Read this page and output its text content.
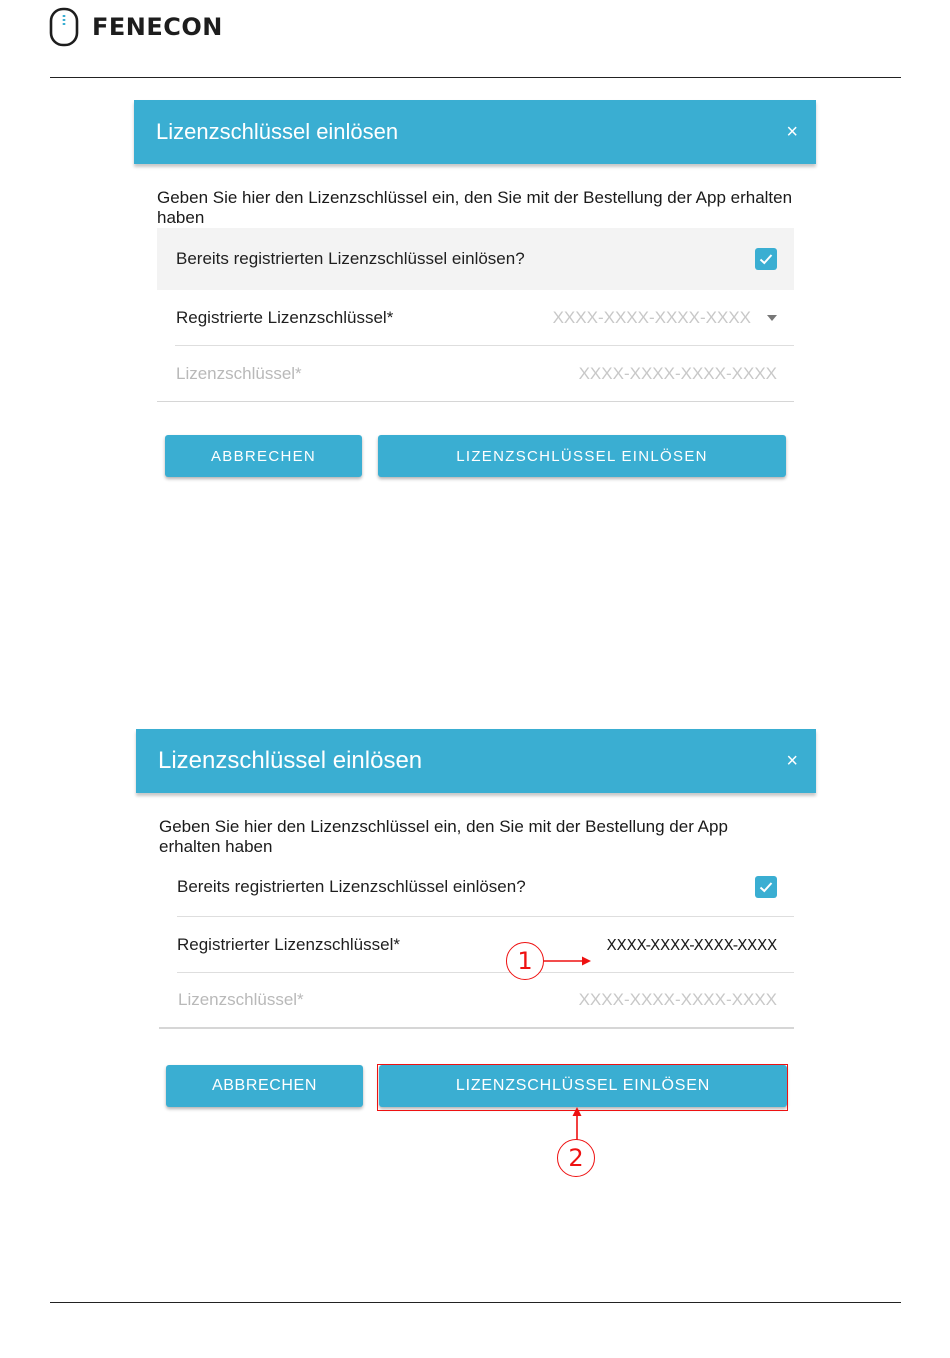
FENECON
Lizenzschlüssel einlösen	×

Geben Sie hier den Lizenzschlüssel ein, den Sie mit der Bestellung der App erhalten haben

Bereits registrierten Lizenzschlüssel einlösen?
Registrierte Lizenzschlüssel*	XXXX-XXXX-XXXX-XXXX
Lizenzschlüssel*	XXXX-XXXX-XXXX-XXXX
ABBRECHEN	LIZENZSCHLÜSSEL EINLÖSEN
Lizenzschlüssel einlösen	×

Geben Sie hier den Lizenzschlüssel ein, den Sie mit der Bestellung der App erhalten haben

Bereits registrierten Lizenzschlüssel einlösen?
Registrierter Lizenzschlüssel*	XXXX-XXXX-XXXX-XXXX
Lizenzschlüssel*	XXXX-XXXX-XXXX-XXXX
ABBRECHEN	LIZENZSCHLÜSSEL EINLÖSEN
1
2
